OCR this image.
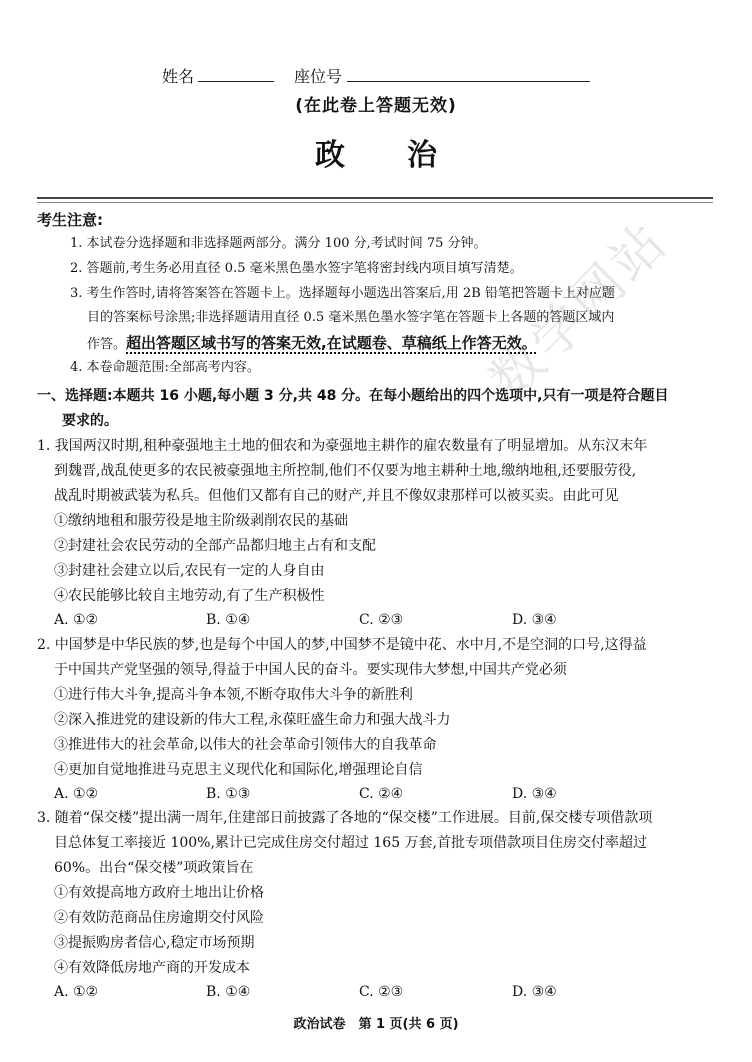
数学网站
姓名	座位号
(在此卷上答题无效)
政治
考生注意:
1. 本试卷分选择题和非选择题两部分。满分 100 分,考试时间 75 分钟。
2. 答题前,考生务必用直径 0.5 毫米黑色墨水签字笔将密封线内项目填写清楚。
3. 考生作答时,请将答案答在答题卡上。选择题每小题选出答案后,用 2B 铅笔把答题卡上对应题
目的答案标号涂黑;非选择题请用直径 0.5 毫米黑色墨水签字笔在答题卡上各题的答题区域内
作答。超出答题区域书写的答案无效,在试题卷、草稿纸上作答无效。
4. 本卷命题范围:全部高考内容。
一、选择题:本题共 16 小题,每小题 3 分,共 48 分。在每小题给出的四个选项中,只有一项是符合题目
要求的。
1. 我国两汉时期,租种豪强地主土地的佃农和为豪强地主耕作的雇农数量有了明显增加。从东汉末年
到魏晋,战乱使更多的农民被豪强地主所控制,他们不仅要为地主耕种土地,缴纳地租,还要服劳役,
战乱时期被武装为私兵。但他们又都有自己的财产,并且不像奴隶那样可以被买卖。由此可见
①缴纳地租和服劳役是地主阶级剥削农民的基础
②封建社会农民劳动的全部产品都归地主占有和支配
③封建社会建立以后,农民有一定的人身自由
④农民能够比较自主地劳动,有了生产积极性
A. ①②	B. ①④	C. ②③	D. ③④
2. 中国梦是中华民族的梦,也是每个中国人的梦,中国梦不是镜中花、水中月,不是空洞的口号,这得益
于中国共产党坚强的领导,得益于中国人民的奋斗。要实现伟大梦想,中国共产党必须
①进行伟大斗争,提高斗争本领,不断夺取伟大斗争的新胜利
②深入推进党的建设新的伟大工程,永葆旺盛生命力和强大战斗力
③推进伟大的社会革命,以伟大的社会革命引领伟大的自我革命
④更加自觉地推进马克思主义现代化和国际化,增强理论自信
A. ①②	B. ①③	C. ②④	D. ③④
3. 随着“保交楼”提出满一周年,住建部日前披露了各地的“保交楼”工作进展。目前,保交楼专项借款项
目总体复工率接近 100%,累计已完成住房交付超过 165 万套,首批专项借款项目住房交付率超过
60%。出台“保交楼”项政策旨在
①有效提高地方政府土地出让价格
②有效防范商品住房逾期交付风险
③提振购房者信心,稳定市场预期
④有效降低房地产商的开发成本
A. ①②	B. ①④	C. ②③	D. ③④
政治试卷　第 1 页(共 6 页)
